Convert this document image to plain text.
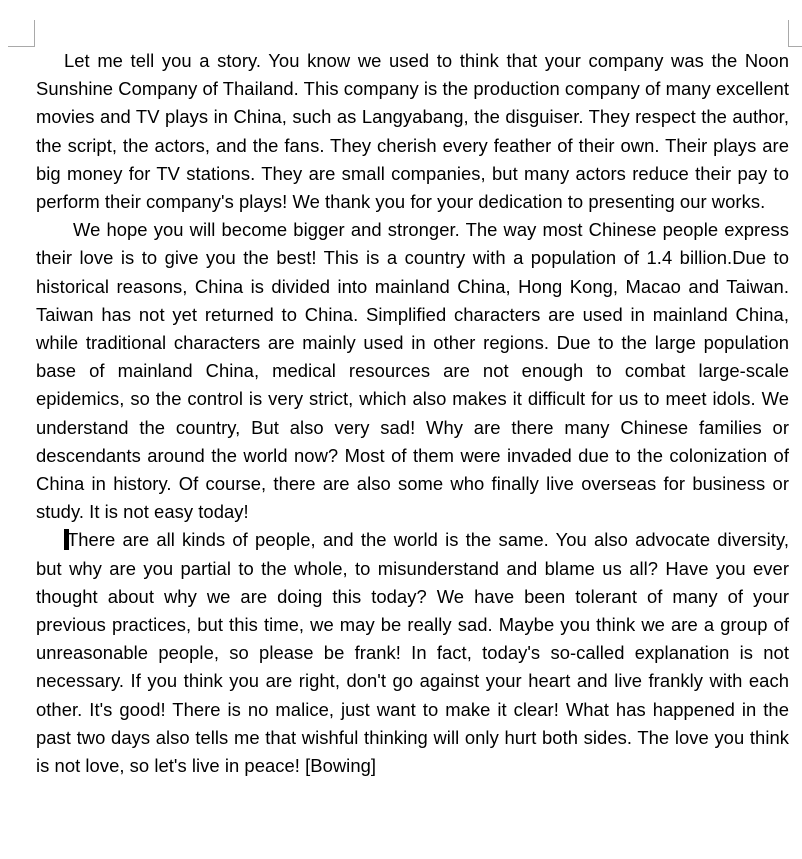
Let me tell you a story. You know we used to think that your company was the Noon Sunshine Company of Thailand. This company is the production company of many excellent movies and TV plays in China, such as Langyabang, the disguiser. They respect the author, the script, the actors, and the fans. They cherish every feather of their own. Their plays are big money for TV stations. They are small companies, but many actors reduce their pay to perform their company's plays! We thank you for your dedication to presenting our works.

We hope you will become bigger and stronger. The way most Chinese people express their love is to give you the best! This is a country with a population of 1.4 billion.Due to historical reasons, China is divided into mainland China, Hong Kong, Macao and Taiwan. Taiwan has not yet returned to China. Simplified characters are used in mainland China, while traditional characters are mainly used in other regions. Due to the large population base of mainland China, medical resources are not enough to combat large-scale epidemics, so the control is very strict, which also makes it difficult for us to meet idols. We understand the country, But also very sad! Why are there many Chinese families or descendants around the world now? Most of them were invaded due to the colonization of China in history. Of course, there are also some who finally live overseas for business or study. It is not easy today!

There are all kinds of people, and the world is the same. You also advocate diversity, but why are you partial to the whole, to misunderstand and blame us all? Have you ever thought about why we are doing this today? We have been tolerant of many of your previous practices, but this time, we may be really sad. Maybe you think we are a group of unreasonable people, so please be frank! In fact, today's so-called explanation is not necessary. If you think you are right, don't go against your heart and live frankly with each other. It's good! There is no malice, just want to make it clear! What has happened in the past two days also tells me that wishful thinking will only hurt both sides. The love you think is not love, so let's live in peace! [Bowing]
